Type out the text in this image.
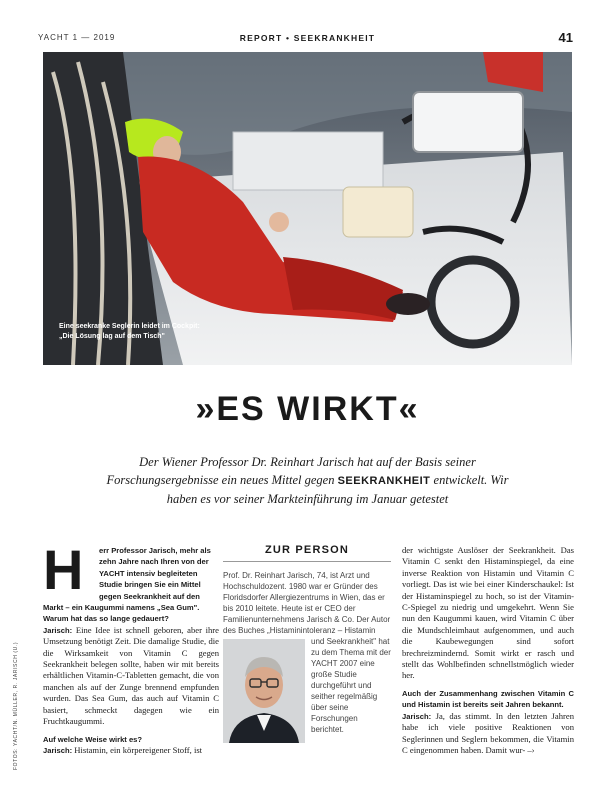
YACHT 1 — 2019	REPORT • SEEKRANKHEIT	41
Eine seekranke Seglerin leidet im Cockpit:
„Die Lösung lag auf dem Tisch"
»ES WIRKT«
Der Wiener Professor Dr. Reinhart Jarisch hat auf der Basis seiner Forschungsergebnisse ein neues Mittel gegen SEEKRANKHEIT entwickelt. Wir haben es vor seiner Markteinführung im Januar getestet
H	err Professor Jarisch, mehr als zehn Jahre nach Ihren von der YACHT intensiv begleiteten Studie bringen Sie ein Mittel gegen Seekrankheit auf den Markt – ein Kaugummi namens „Sea Gum". Warum hat das so lange gedauert?
Jarisch: Eine Idee ist schnell geboren, aber ihre Umsetzung benötigt Zeit. Die damalige Studie, die die Wirksamkeit von Vitamin C gegen Seekrankheit belegen sollte, haben wir mit bereits erhältlichen Vitamin-C-Tabletten gemacht, die von manchen als auf der Zunge brennend empfunden wurden. Das Sea Gum, das auch auf Vitamin C basiert, schmeckt dagegen wie ein Fruchtkaugummi.
Auf welche Weise wirkt es?
Jarisch: Histamin, ein körpereigener Stoff, ist
ZUR PERSON
Prof. Dr. Reinhart Jarisch, 74, ist Arzt und Hochschuldozent. 1980 war er Gründer des Floridsdorfer Allergiezentrums in Wien, das er bis 2010 leitete. Heute ist er CEO der Familienunternehmens Jarisch & Co. Der Autor des Buches „Histaminintoleranz – Histamin
und Seekrankheit" hat zu dem Thema mit der YACHT 2007 eine große Studie durchgeführt und seither regelmäßig über seine Forschungen berichtet.

der wichtigste Auslöser der Seekrankheit. Das Vitamin C senkt den Histaminspiegel, da eine inverse Reaktion von Histamin und Vitamin C vorliegt. Das ist wie bei einer Kinderschaukel: Ist der Histaminspiegel zu hoch, so ist der Vitamin-C-Spiegel zu niedrig und umgekehrt. Wenn Sie nun den Kaugummi kauen, wird Vitamin C über die Mundschleimhaut aufgenommen, und auch die Kaubewegungen sind sofort brechreizmindernd. Somit wirkt er rasch und stellt das Wohlbefinden schnellstmöglich wieder her.

Auch der Zusammenhang zwischen Vitamin C und Histamin ist bereits seit Jahren bekannt.
Jarisch: Ja, das stimmt. In den letzten Jahren habe ich viele positive Reaktionen von Seglerinnen und Seglern bekommen, die Vitamin C eingenommen haben. Damit wur- –›
FOTOS: YACHT/N. MÜLLER, R. JARISCH (U.)
